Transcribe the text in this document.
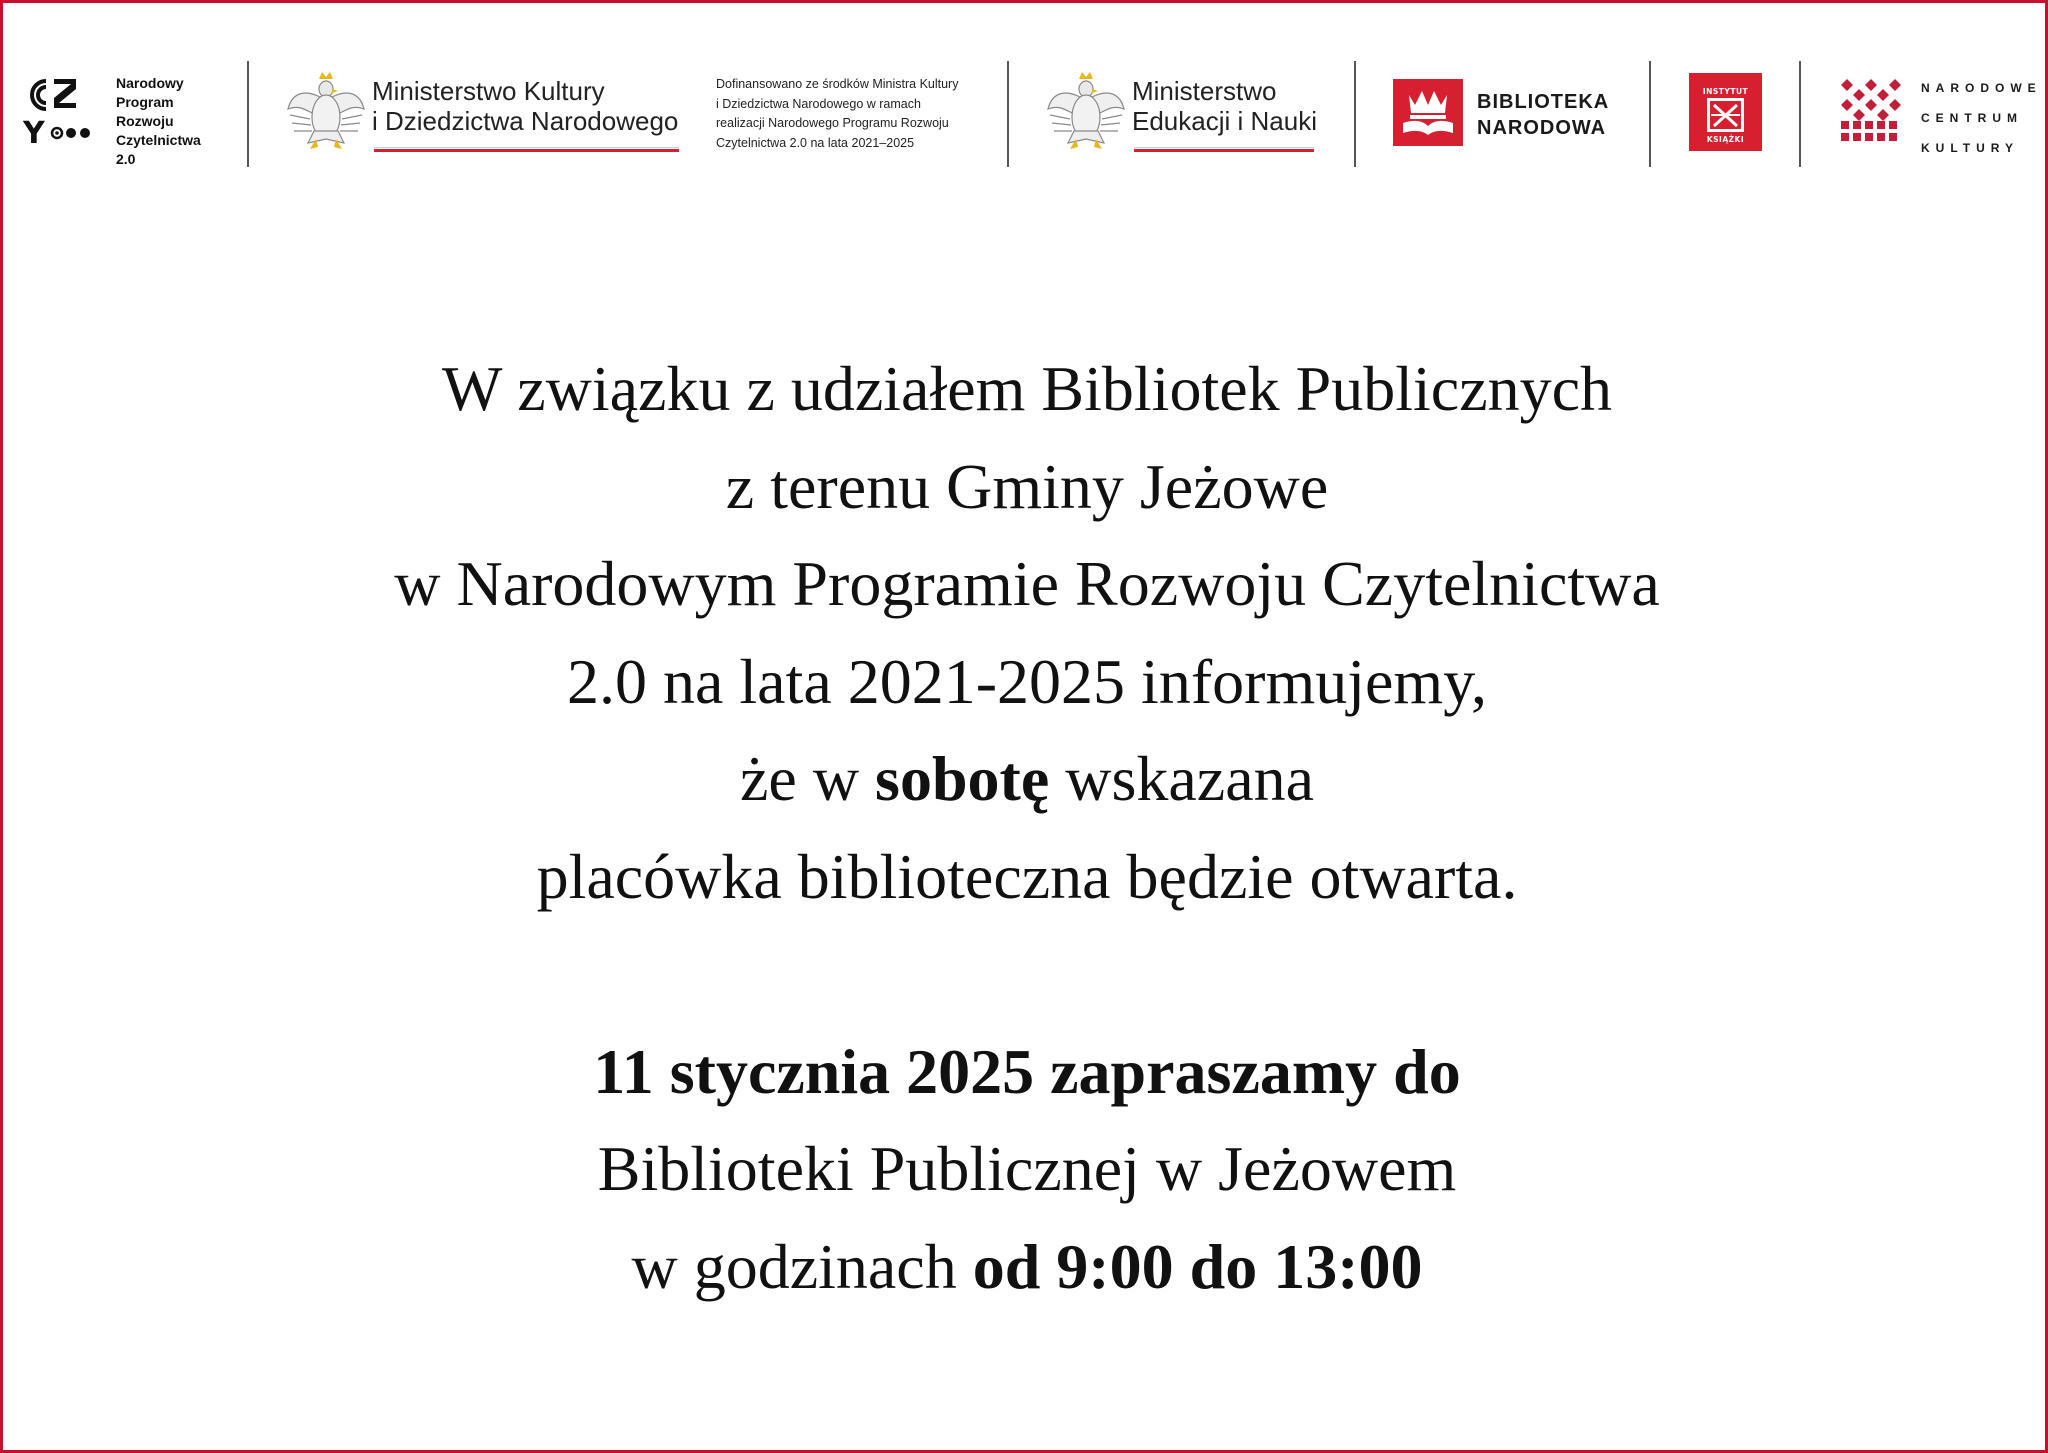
Y
Narodowy
Program
Rozwoju
Czytelnictwa
2.0
Ministerstwo Kultury
i Dziedzictwa Narodowego
Dofinansowano ze środków Ministra Kultury
i Dziedzictwa Narodowego w ramach
realizacji Narodowego Programu Rozwoju
Czytelnictwa 2.0 na lata 2021–2025
Ministerstwo
Edukacji i Nauki
BIBLIOTEKA
NARODOWA
INSTYTUT
KSIĄŻKI
NARODOWE
CENTRUM
KULTURY
W związku z udziałem Bibliotek Publicznych
z terenu Gminy Jeżowe
w Narodowym Programie Rozwoju Czytelnictwa
2.0 na lata 2021-2025 informujemy,
że w sobotę wskazana
placówka biblioteczna będzie otwarta.
11 stycznia 2025 zapraszamy do
Biblioteki Publicznej w Jeżowem
w godzinach od 9:00 do 13:00
